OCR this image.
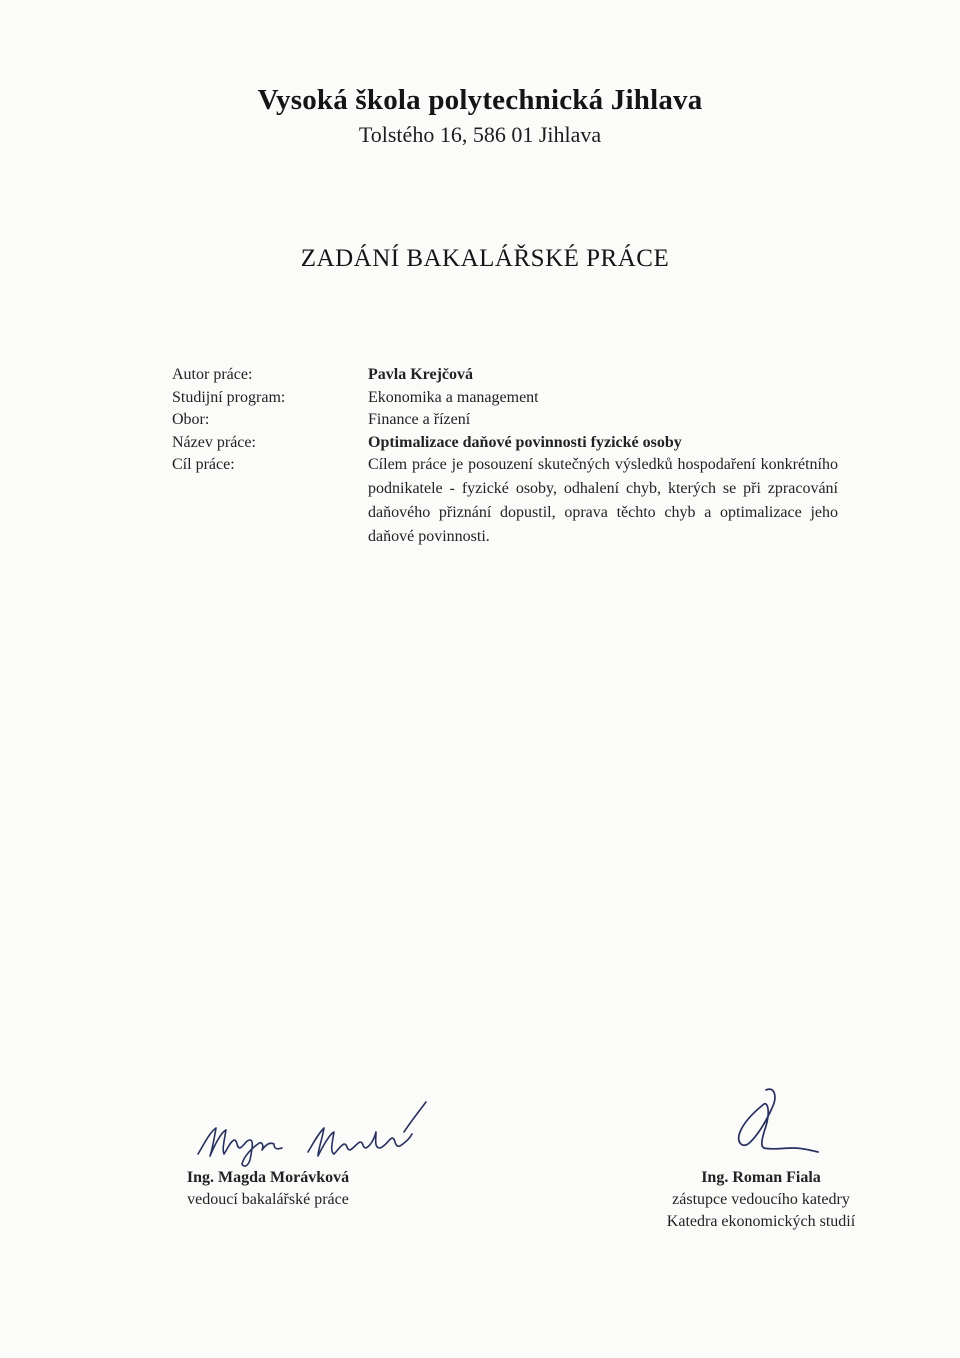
Vysoká škola polytechnická Jihlava
Tolstého 16, 586 01 Jihlava
ZADÁNÍ BAKALÁŘSKÉ PRÁCE
Autor práce:	Pavla Krejčová
Studijní program:	Ekonomika a management
Obor:	Finance a řízení
Název práce:	Optimalizace daňové povinnosti fyzické osoby
Cíl práce:	Cílem práce je posouzení skutečných výsledků hospodaření konkrétního podnikatele - fyzické osoby, odhalení chyb, kterých se při zpracování daňového přiznání dopustil, oprava těchto chyb a optimalizace jeho daňové povinnosti.
Ing. Magda Morávková
vedoucí bakalářské práce
Ing. Roman Fiala
zástupce vedoucího katedry
Katedra ekonomických studií
